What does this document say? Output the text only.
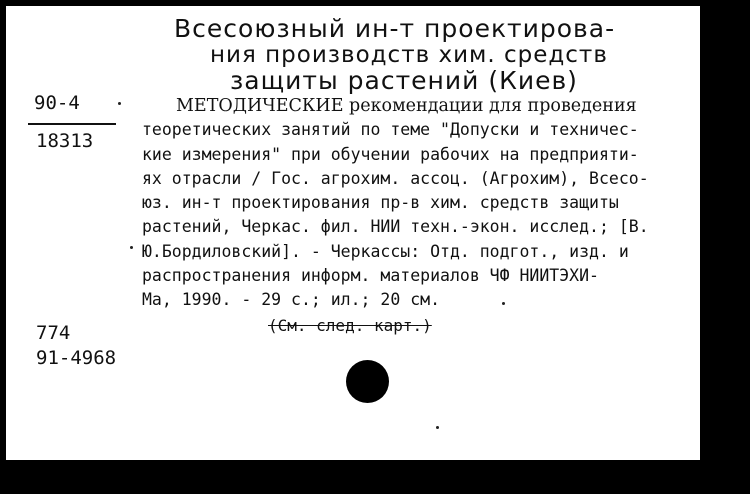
Всесоюзный ин-т проектирова-
ния производств хим. средств
защиты растений (Киев)
90-4
18313
МЕТОДИЧЕСКИЕ рекомендации для проведения
теоретических занятий по теме "Допуски и техничес-
кие измерения" при обучении рабочих на предприяти-
ях отрасли / Гос. агрохим. ассоц. (Агрохим), Всесо-
юз. ин-т проектирования пр-в хим. средств защиты
растений, Черкас. фил. НИИ техн.-экон. исслед.; [В.
Ю.Бордиловский]. - Черкассы: Отд. подгот., изд. и
распространения информ. материалов ЧФ НИИТЭХИ-
Ма, 1990. - 29 с.; ил.; 20 см.
(См. след. карт.)
774
91-4968
